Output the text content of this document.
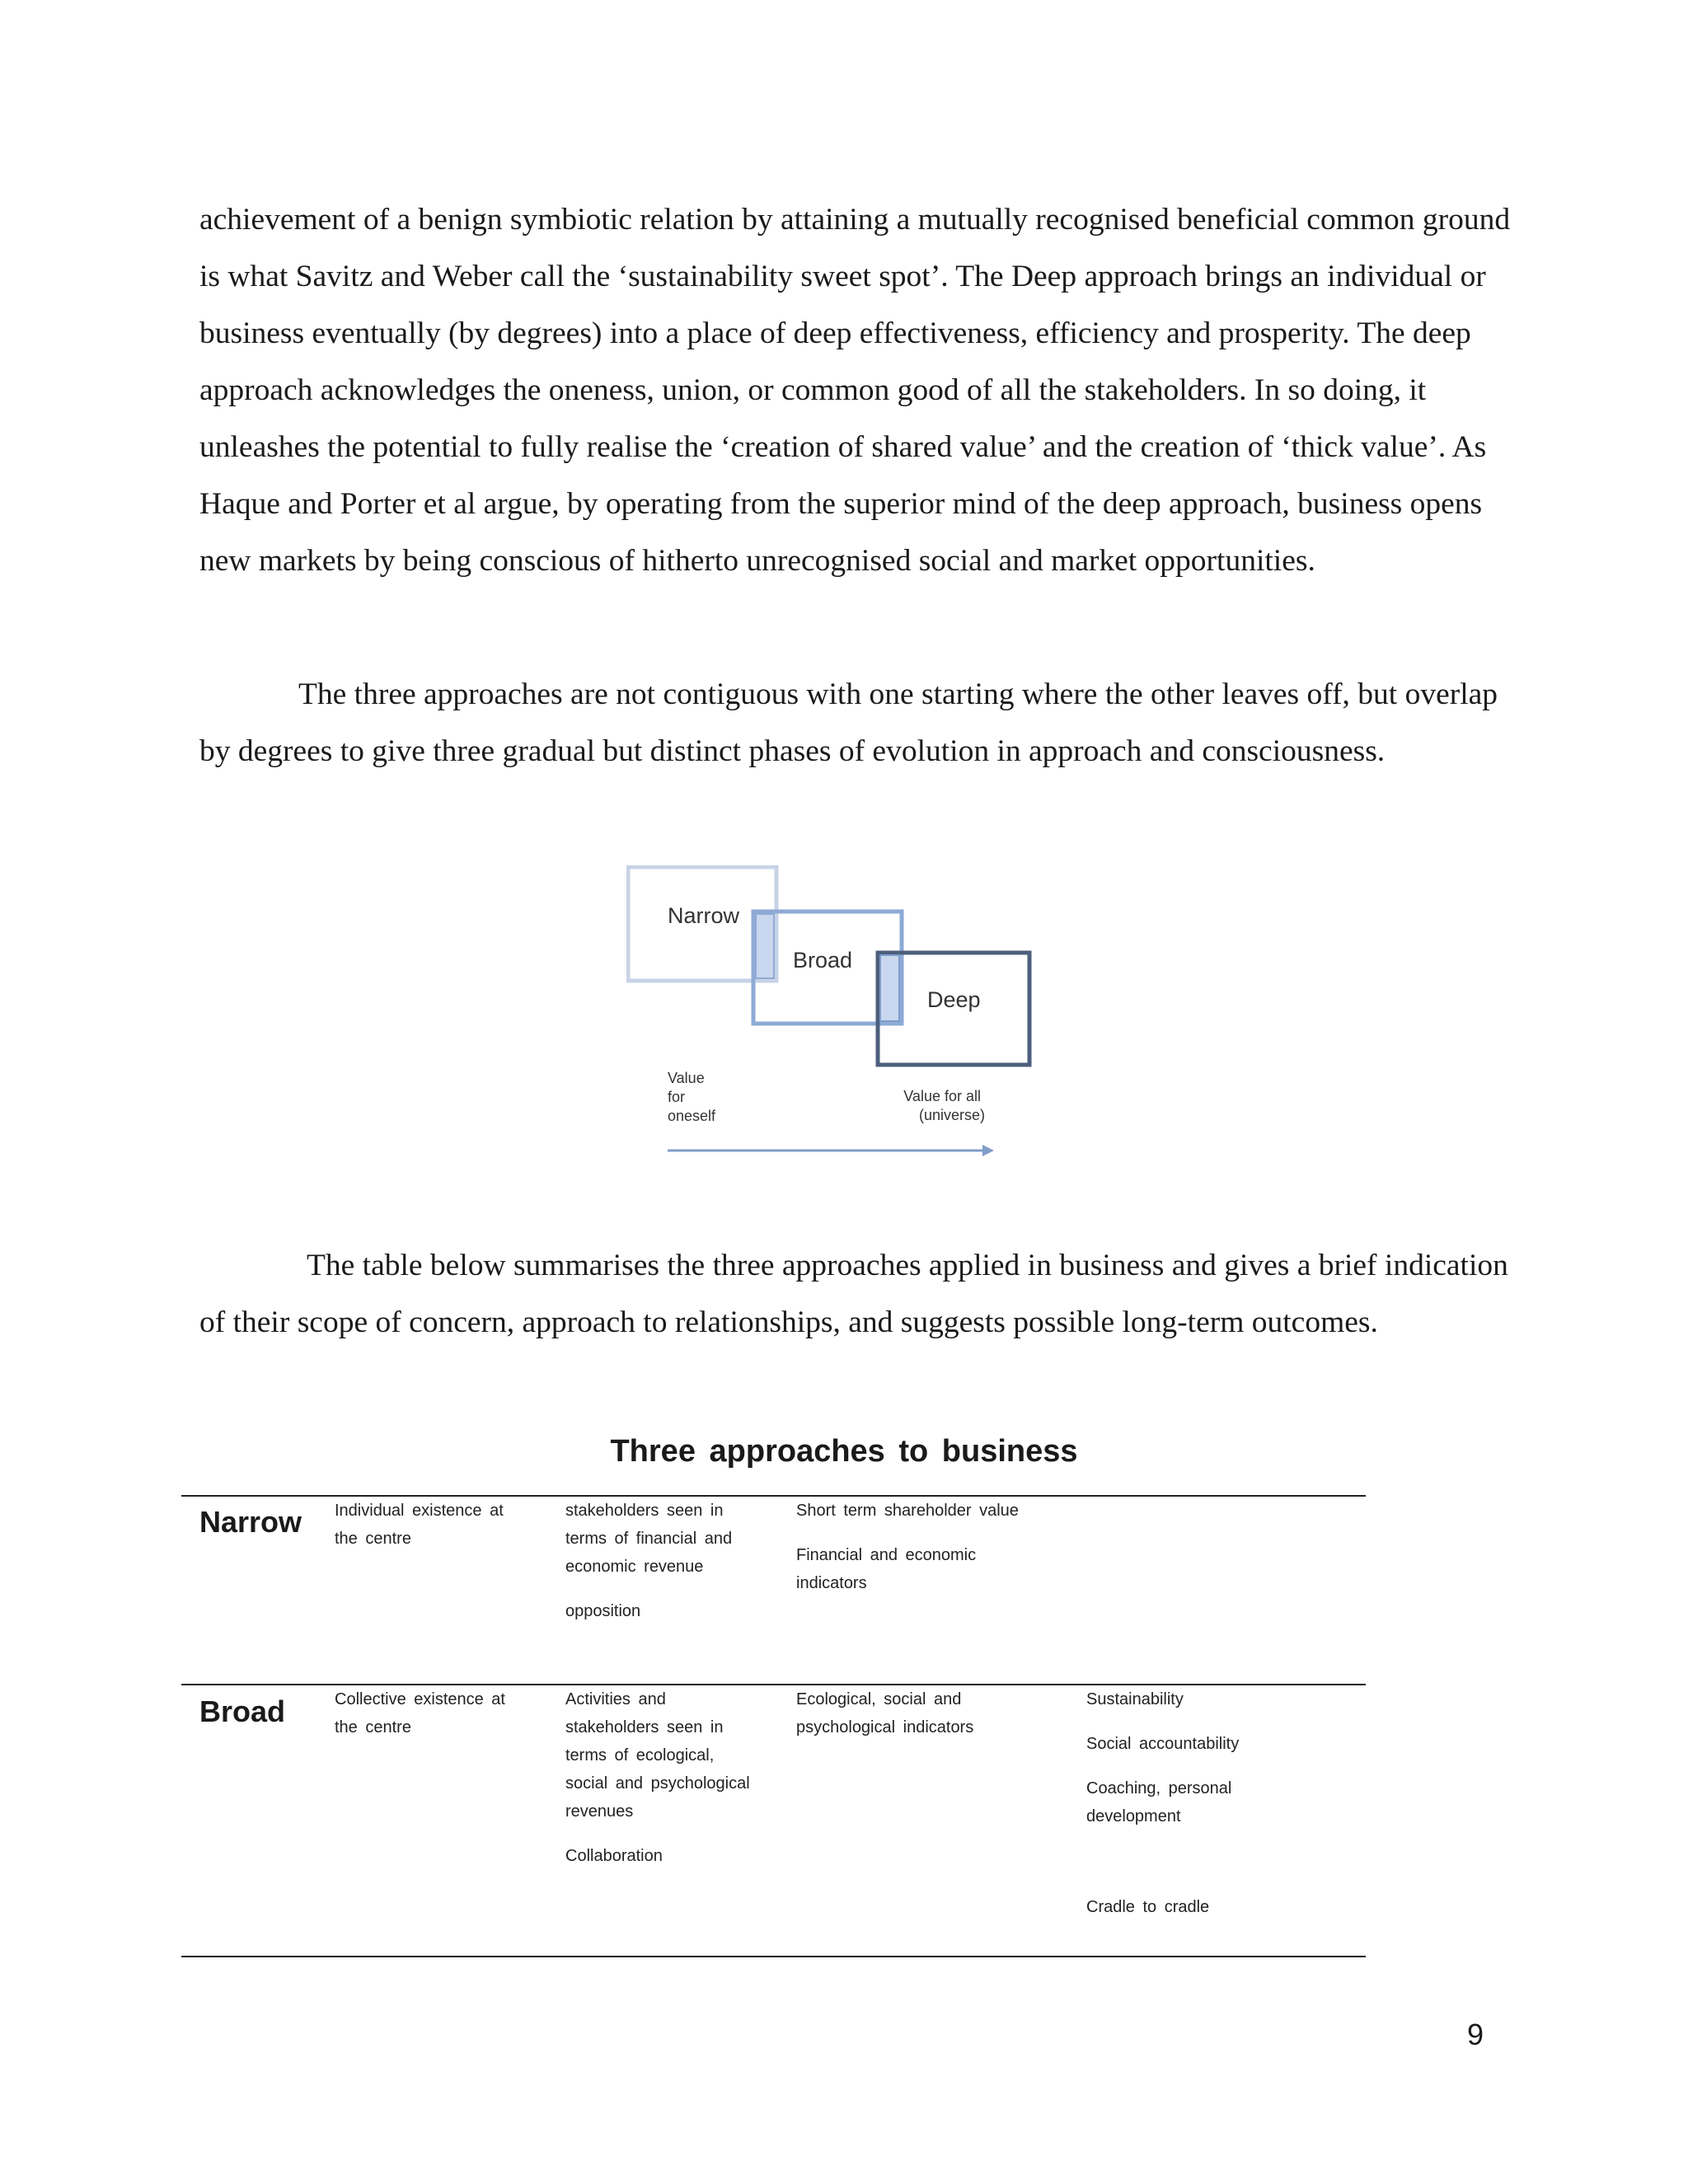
achievement of a benign symbiotic relation by attaining a mutually recognised beneficial common ground is what Savitz and Weber call the ‘sustainability sweet spot’. The Deep approach brings an individual or business eventually (by degrees) into a place of deep effectiveness, efficiency and prosperity. The deep approach acknowledges the oneness, union, or common good of all the stakeholders. In so doing, it unleashes the potential to fully realise the ‘creation of shared value’ and the creation of ‘thick value’. As Haque and Porter et al argue, by operating from the superior mind of the deep approach, business opens new markets by being conscious of hitherto unrecognised social and market opportunities.

The three approaches are not contiguous with one starting where the other leaves off, but overlap by degrees to give three gradual but distinct phases of evolution in approach and consciousness.

Narrow
Broad
Deep
Value for oneself
Value for all (universe)

The table below summarises the three approaches applied in business and gives a brief indication of their scope of concern, approach to relationships, and suggests possible long-term outcomes.

Three approaches to business
Narrow Individual existence at the centre
stakeholders seen in terms of financial and economic revenue
opposition
Short term shareholder value
Financial and economic indicators
Broad	Collective existence at the centre
Activities and stakeholders seen in terms of ecological, social and psychological revenues
Collaboration
Ecological, social and psychological indicators
Sustainability
Social accountability
Coaching, personal development
Cradle to cradle
9
